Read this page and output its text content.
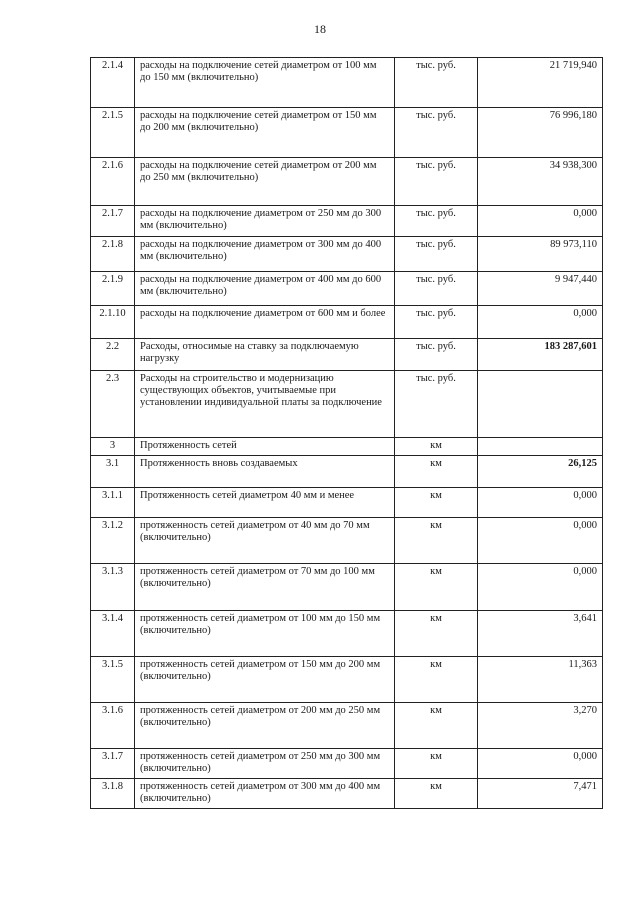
18
2.1.4	расходы на подключение сетей диаметром от 100 мм до 150 мм (включительно)	тыс. руб.	21 719,940
2.1.5	расходы на подключение сетей диаметром от 150 мм до 200 мм (включительно)	тыс. руб.	76 996,180
2.1.6	расходы на подключение сетей диаметром от 200 мм до 250 мм (включительно)	тыс. руб.	34 938,300
2.1.7	расходы на подключение диаметром от 250 мм до 300 мм (включительно)	тыс. руб.	0,000
2.1.8	расходы на подключение диаметром от 300 мм до 400 мм (включительно)	тыс. руб.	89 973,110
2.1.9	расходы на подключение диаметром от 400 мм до 600 мм (включительно)	тыс. руб.	9 947,440
2.1.10	расходы на подключение диаметром от 600 мм и более	тыс. руб.	0,000
2.2	Расходы, относимые на ставку за подключаемую нагрузку	тыс. руб.	183 287,601
2.3	Расходы на строительство и модернизацию существующих объектов, учитываемые при установлении индивидуальной платы за подключение	тыс. руб.	
3	Протяженность сетей	км	
3.1	Протяженность вновь создаваемых	км	26,125
3.1.1	Протяженность сетей диаметром 40 мм и менее	км	0,000
3.1.2	протяженность сетей диаметром от 40 мм до 70 мм (включительно)	км	0,000
3.1.3	протяженность сетей диаметром от 70 мм до 100 мм (включительно)	км	0,000
3.1.4	протяженность сетей диаметром от 100 мм до 150 мм (включительно)	км	3,641
3.1.5	протяженность сетей диаметром от 150 мм до 200 мм (включительно)	км	11,363
3.1.6	протяженность сетей диаметром от 200 мм до 250 мм (включительно)	км	3,270
3.1.7	протяженность сетей диаметром от 250 мм до 300 мм (включительно)	км	0,000
3.1.8	протяженность сетей диаметром от 300 мм до 400 мм (включительно)	км	7,471
